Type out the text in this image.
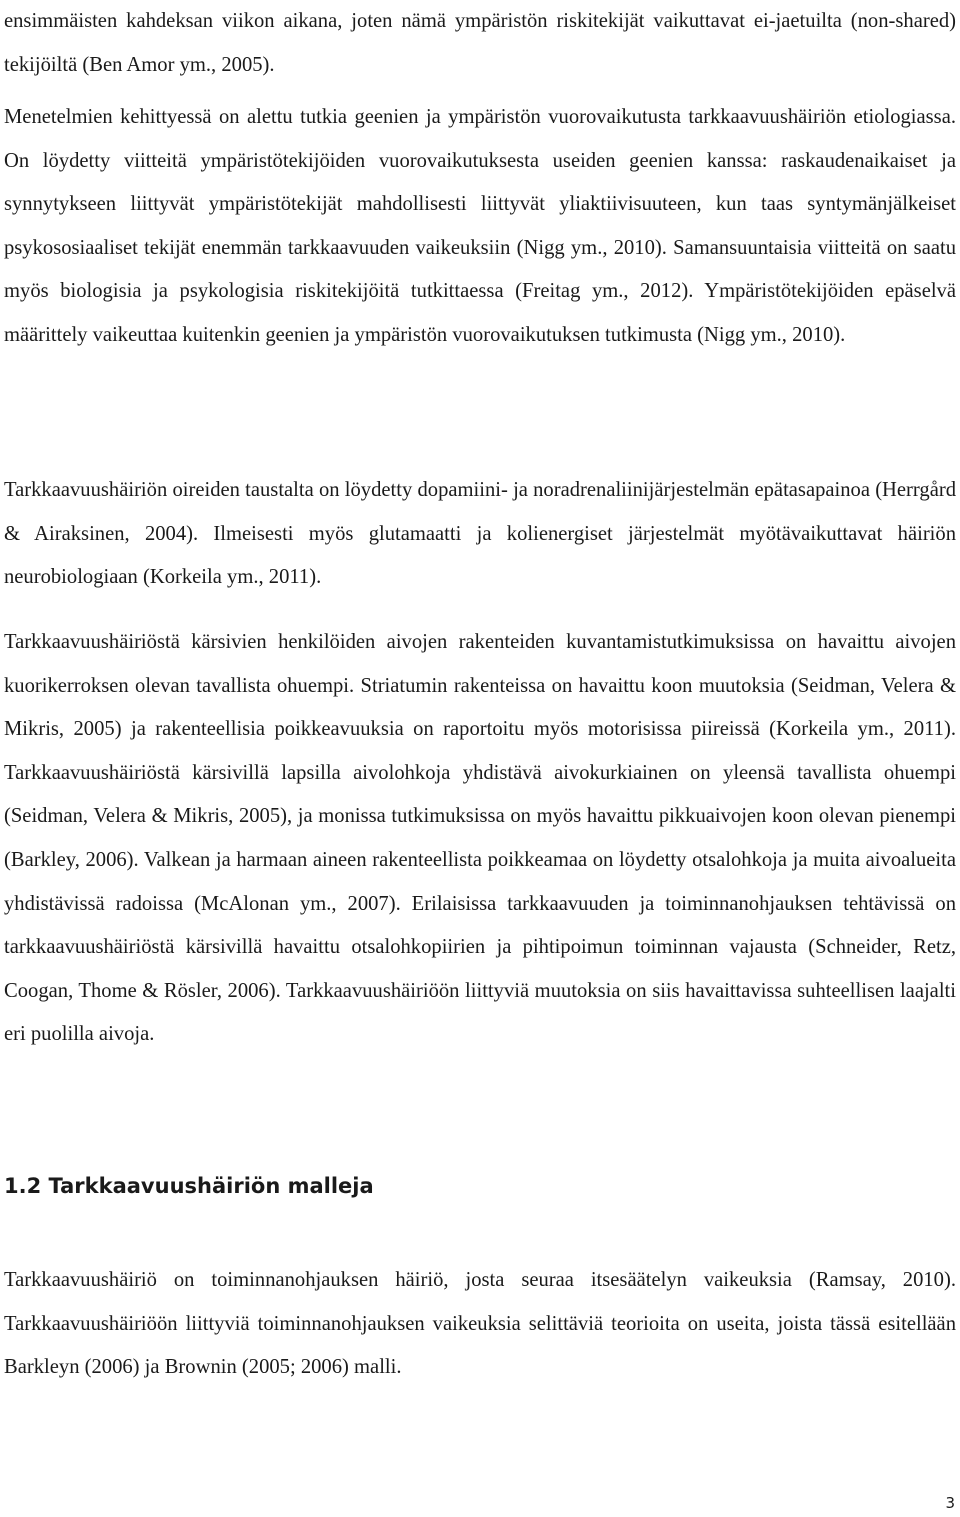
ensimmäisten kahdeksan viikon aikana, joten nämä ympäristön riskitekijät vaikuttavat ei-jaetuilta (non-shared) tekijöiltä (Ben Amor ym., 2005).

Menetelmien kehittyessä on alettu tutkia geenien ja ympäristön vuorovaikutusta tarkkaavuushäiriön etiologiassa. On löydetty viitteitä ympäristötekijöiden vuorovaikutuksesta useiden geenien kanssa: raskaudenaikaiset ja synnytykseen liittyvät ympäristötekijät mahdollisesti liittyvät yliaktiivisuuteen, kun taas syntymänjälkeiset psykososiaaliset tekijät enemmän tarkkaavuuden vaikeuksiin (Nigg ym., 2010). Samansuuntaisia viitteitä on saatu myös biologisia ja psykologisia riskitekijöitä tutkittaessa (Freitag ym., 2012). Ympäristötekijöiden epäselvä määrittely vaikeuttaa kuitenkin geenien ja ympäristön vuorovaikutuksen tutkimusta (Nigg ym., 2010).

Tarkkaavuushäiriön oireiden taustalta on löydetty dopamiini- ja noradrenaliinijärjestelmän epätasapainoa (Herrgård & Airaksinen, 2004). Ilmeisesti myös glutamaatti ja kolienergiset järjestelmät myötävaikuttavat häiriön neurobiologiaan (Korkeila ym., 2011).

Tarkkaavuushäiriöstä kärsivien henkilöiden aivojen rakenteiden kuvantamistutkimuksissa on havaittu aivojen kuorikerroksen olevan tavallista ohuempi. Striatumin rakenteissa on havaittu koon muutoksia (Seidman, Velera & Mikris, 2005) ja rakenteellisia poikkeavuuksia on raportoitu myös motorisissa piireissä (Korkeila ym., 2011). Tarkkaavuushäiriöstä kärsivillä lapsilla aivolohkoja yhdistävä aivokurkiainen on yleensä tavallista ohuempi (Seidman, Velera & Mikris, 2005), ja monissa tutkimuksissa on myös havaittu pikkuaivojen koon olevan pienempi (Barkley, 2006). Valkean ja harmaan aineen rakenteellista poikkeamaa on löydetty otsalohkoja ja muita aivoalueita yhdistävissä radoissa (McAlonan ym., 2007). Erilaisissa tarkkaavuuden ja toiminnanohjauksen tehtävissä on tarkkaavuushäiriöstä kärsivillä havaittu otsalohkopiirien ja pihtipoimun toiminnan vajausta (Schneider, Retz, Coogan, Thome & Rösler, 2006). Tarkkaavuushäiriöön liittyviä muutoksia on siis havaittavissa suhteellisen laajalti eri puolilla aivoja.

1.2 Tarkkaavuushäiriön malleja

Tarkkaavuushäiriö on toiminnanohjauksen häiriö, josta seuraa itsesäätelyn vaikeuksia (Ramsay, 2010). Tarkkaavuushäiriöön liittyviä toiminnanohjauksen vaikeuksia selittäviä teorioita on useita, joista tässä esitellään Barkleyn (2006) ja Brownin (2005; 2006) malli.

3
